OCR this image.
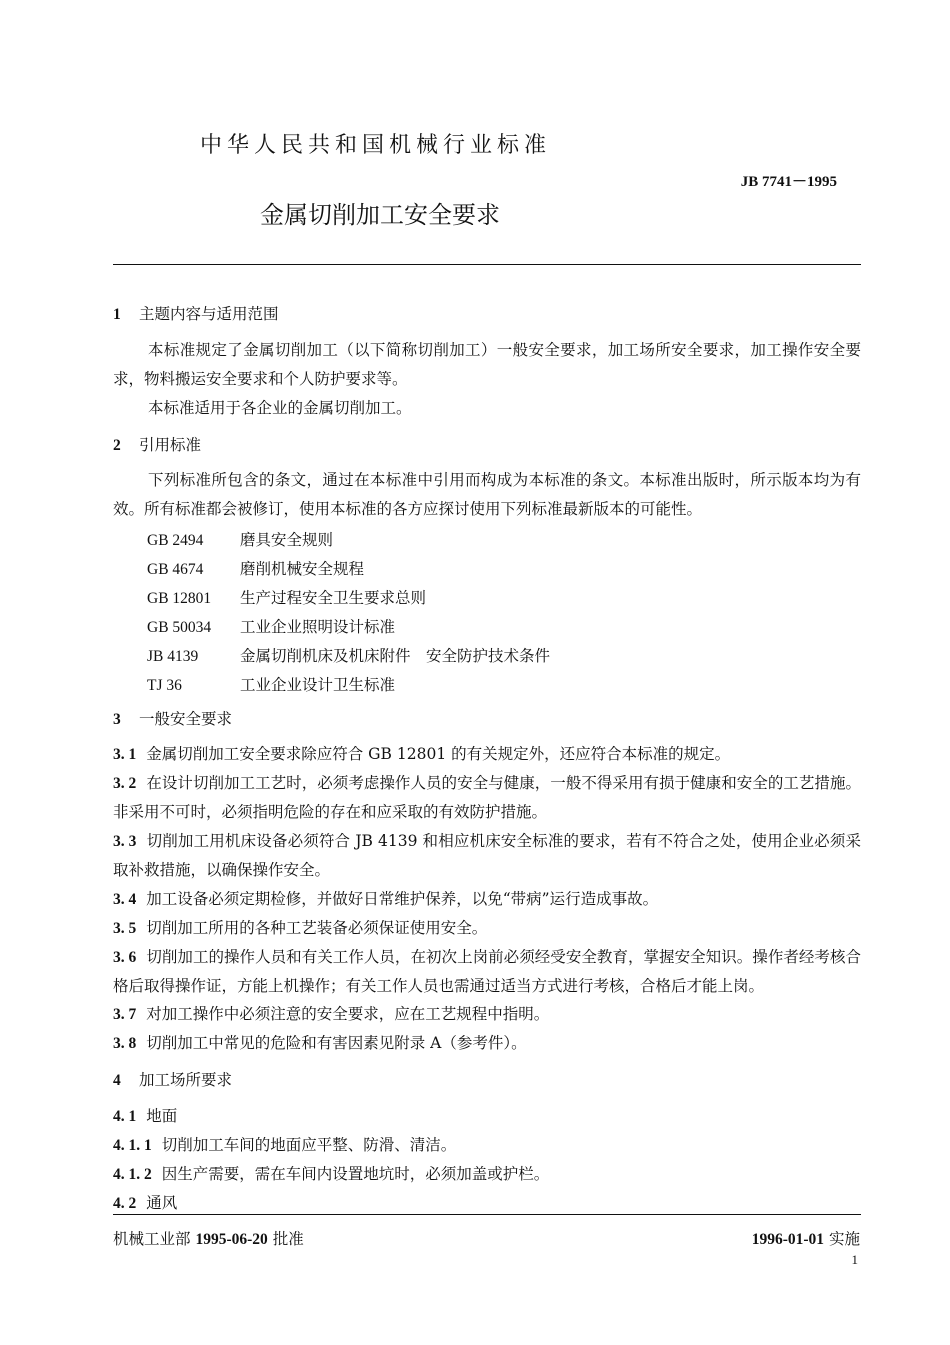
中华人民共和国机械行业标准
JB 7741－1995
金属切削加工安全要求
1 主题内容与适用范围
本标准规定了金属切削加工（以下简称切削加工）一般安全要求，加工场所安全要求，加工操作安全要求，物料搬运安全要求和个人防护要求等。
本标准适用于各企业的金属切削加工。
2 引用标准
下列标准所包含的条文，通过在本标准中引用而构成为本标准的条文。本标准出版时，所示版本均为有效。所有标准都会被修订，使用本标准的各方应探讨使用下列标准最新版本的可能性。
GB 2494 磨具安全规则
GB 4674 磨削机械安全规程
GB 12801 生产过程安全卫生要求总则
GB 50034 工业企业照明设计标准
JB 4139	金属切削机床及机床附件　安全防护技术条件
TJ 36	工业企业设计卫生标准
3 一般安全要求
3. 1 金属切削加工安全要求除应符合 GB 12801 的有关规定外，还应符合本标准的规定。
3. 2 在设计切削加工工艺时，必须考虑操作人员的安全与健康，一般不得采用有损于健康和安全的工艺措施。非采用不可时，必须指明危险的存在和应采取的有效防护措施。
3. 3 切削加工用机床设备必须符合 JB 4139 和相应机床安全标准的要求，若有不符合之处，使用企业必须采取补救措施，以确保操作安全。
3. 4 加工设备必须定期检修，并做好日常维护保养，以免“带病”运行造成事故。
3. 5 切削加工所用的各种工艺装备必须保证使用安全。
3. 6 切削加工的操作人员和有关工作人员，在初次上岗前必须经受安全教育，掌握安全知识。操作者经考核合格后取得操作证，方能上机操作；有关工作人员也需通过适当方式进行考核，合格后才能上岗。
3. 7 对加工操作中必须注意的安全要求，应在工艺规程中指明。
3. 8 切削加工中常见的危险和有害因素见附录 A（参考件）。
4 加工场所要求
4. 1 地面
4. 1. 1 切削加工车间的地面应平整、防滑、清洁。
4. 1. 2 因生产需要，需在车间内设置地坑时，必须加盖或护栏。
4. 2 通风
机械工业部 1995-06-20 批准	1996-01-01 实施
1
